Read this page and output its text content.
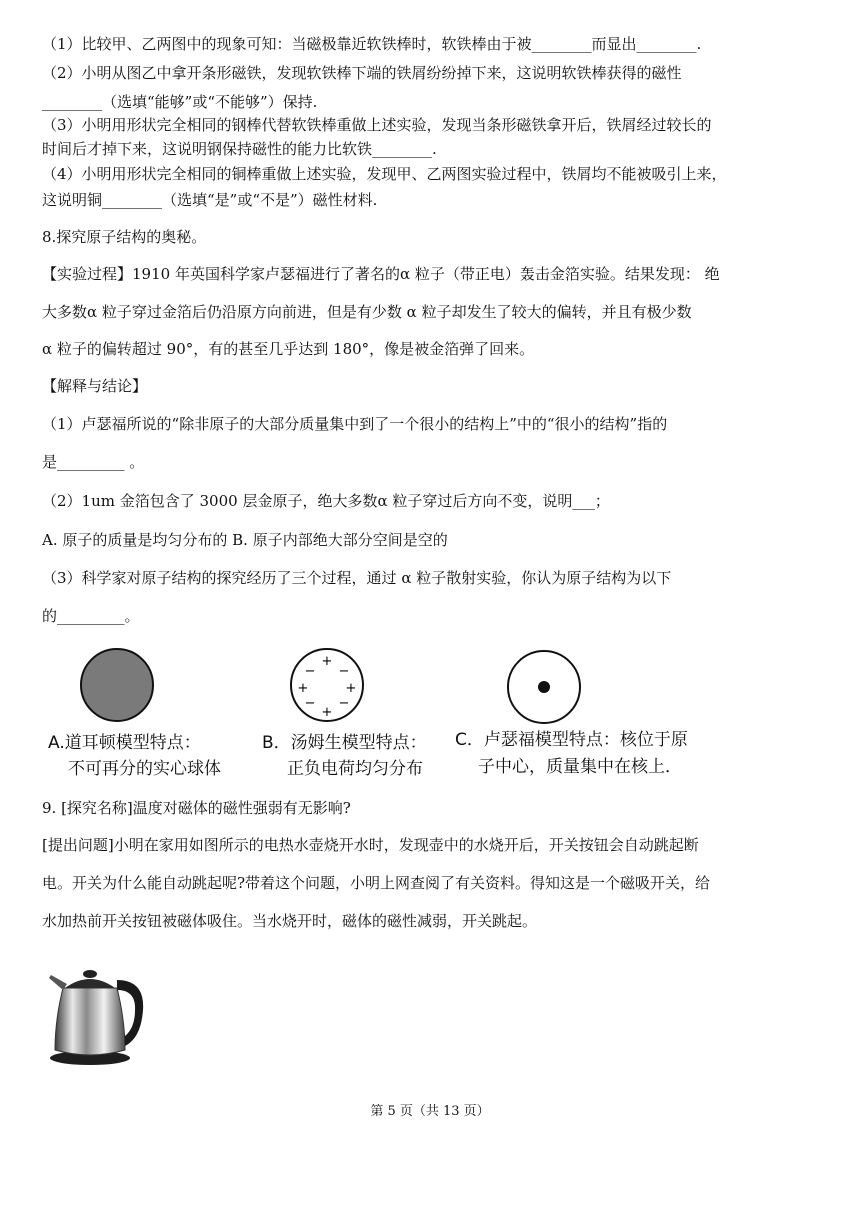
（1）比较甲、乙两图中的现象可知：当磁极靠近软铁棒时，软铁棒由于被________而显出________.
（2）小明从图乙中拿开条形磁铁，发现软铁棒下端的铁屑纷纷掉下来，这说明软铁棒获得的磁性
________（选填“能够”或“不能够”）保持.
（3）小明用形状完全相同的钢棒代替软铁棒重做上述实验，发现当条形磁铁拿开后，铁屑经过较长的
时间后才掉下来，这说明钢保持磁性的能力比软铁________.
（4）小明用形状完全相同的铜棒重做上述实验，发现甲、乙两图实验过程中，铁屑均不能被吸引上来，
这说明铜________（选填“是”或“不是”）磁性材料.
8.探究原子结构的奥秘。
【实验过程】1910 年英国科学家卢瑟福进行了著名的α 粒子（带正电）轰击金箔实验。结果发现： 绝
大多数α 粒子穿过金箔后仍沿原方向前进，但是有少数 α 粒子却发生了较大的偏转，并且有极少数
α 粒子的偏转超过 90°，有的甚至几乎达到 180°，像是被金箔弹了回来。
【解释与结论】
（1）卢瑟福所说的“除非原子的大部分质量集中到了一个很小的结构上”中的“很小的结构”指的
是_________ 。
（2）1um 金箔包含了 3000 层金原子，绝大多数α 粒子穿过后方向不变，说明___；
A. 原子的质量是均匀分布的 B. 原子内部绝大部分空间是空的
（3）科学家对原子结构的探究经历了三个过程，通过 α 粒子散射实验，你认为原子结构为以下
的_________。
+
− −
+	+
− −
+
A.道耳顿模型特点：
不可再分的实心球体
B．汤姆生模型特点：
正负电荷均匀分布
C．卢瑟福模型特点：核位于原
子中心，质量集中在核上．
9. [探究名称]温度对磁体的磁性强弱有无影响?
[提出问题]小明在家用如图所示的电热水壶烧开水时，发现壶中的水烧开后，开关按钮会自动跳起断
电。开关为什么能自动跳起呢?带着这个问题，小明上网查阅了有关资料。得知这是一个磁吸开关，给
水加热前开关按钮被磁体吸住。当水烧开时，磁体的磁性减弱，开关跳起。
第 5 页（共 13 页）
